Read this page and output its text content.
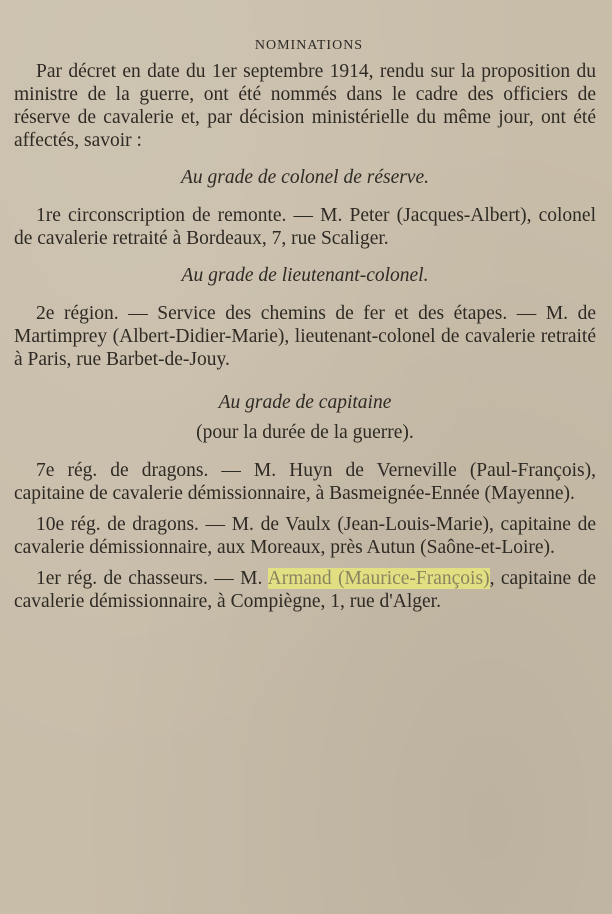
NOMINATIONS

Par décret en date du 1er septembre 1914, rendu sur la proposition du ministre de la guerre, ont été nommés dans le cadre des officiers de réserve de cavalerie et, par décision ministérielle du même jour, ont été affectés, savoir :

Au grade de colonel de réserve.

1re circonscription de remonte. — M. Peter (Jacques-Albert), colonel de cavalerie retraité à Bordeaux, 7, rue Scaliger.

Au grade de lieutenant-colonel.

2e région. — Service des chemins de fer et des étapes. — M. de Martimprey (Albert-Didier-Marie), lieutenant-colonel de cavalerie retraité à Paris, rue Barbet-de-Jouy.

Au grade de capitaine
(pour la durée de la guerre).

7e rég. de dragons. — M. Huyn de Verneville (Paul-François), capitaine de cavalerie démissionnaire, à Basmeignée-Ennée (Mayenne).

10e rég. de dragons. — M. de Vaulx (Jean-Louis-Marie), capitaine de cavalerie démissionnaire, aux Moreaux, près Autun (Saône-et-Loire).

1er rég. de chasseurs. — M. Armand (Maurice-François), capitaine de cavalerie démissionnaire, à Compiègne, 1, rue d'Alger.
